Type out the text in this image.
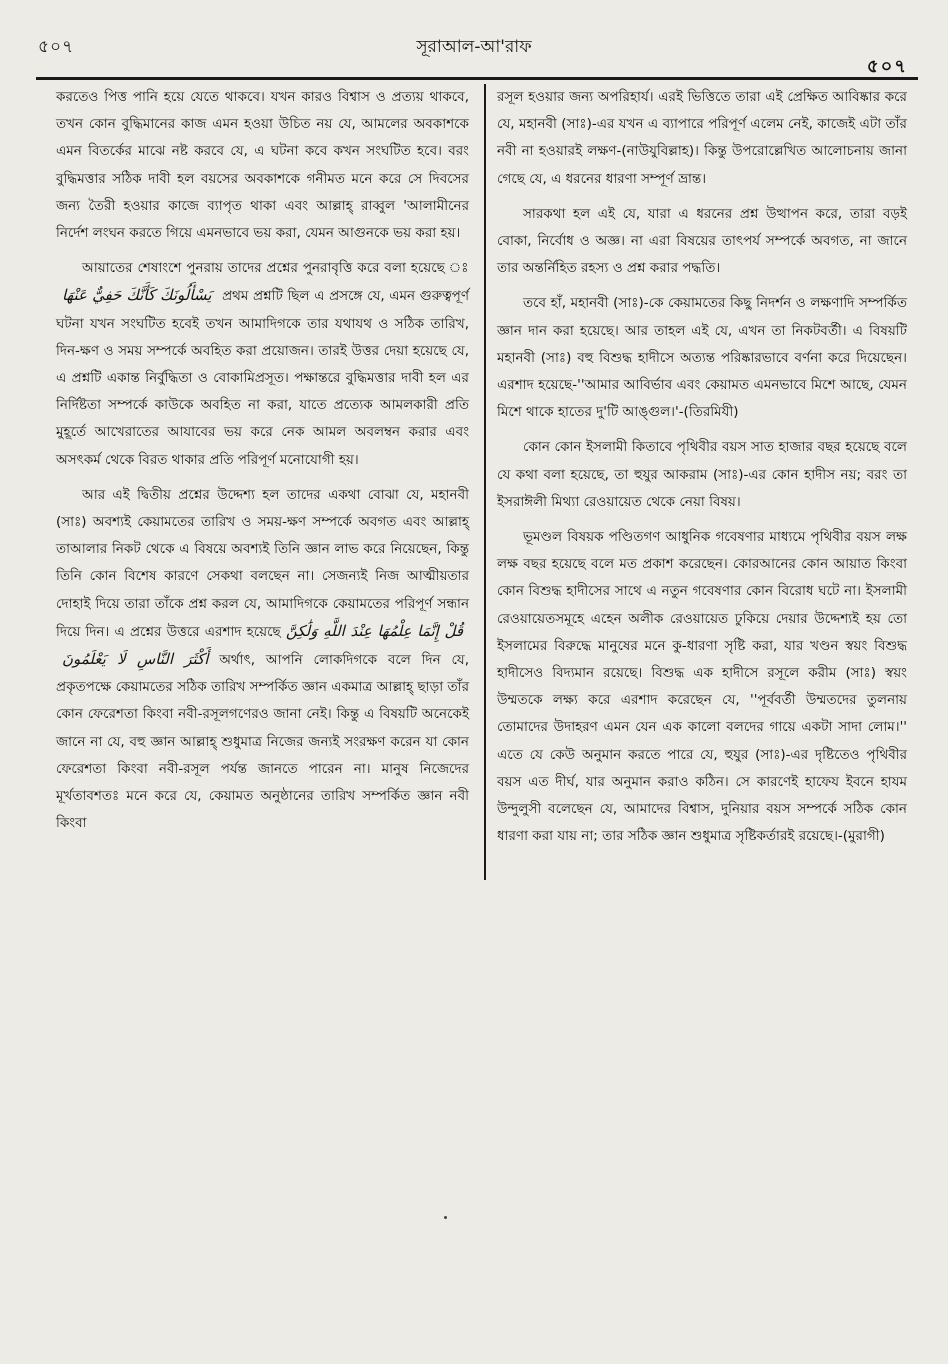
৫০৭	সূরাআল-আ'রাফ
৫০৭

করতেও পিত্ত পানি হয়ে যেতে থাকবে। যখন কারও বিশ্বাস ও প্রত্যয় থাকবে, তখন কোন বুদ্ধিমানের কাজ এমন হওয়া উচিত নয় যে, আমলের অবকাশকে এমন বিতর্কের মাঝে নষ্ট করবে যে, এ ঘটনা কবে কখন সংঘটিত হবে। বরং বুদ্ধিমত্তার সঠিক দাবী হল বয়সের অবকাশকে গনীমত মনে করে সে দিবসের জন্য তৈরী হওয়ার কাজে ব্যাপৃত থাকা এবং আল্লাহ্ রাব্বুল 'আলামীনের নির্দেশ লংঘন করতে গিয়ে এমনভাবে ভয় করা, যেমন আগুনকে ভয় করা হয়।

আয়াতের শেষাংশে পুনরায় তাদের প্রশ্নের পুনরাবৃত্তি করে বলা হয়েছে ঃ يَسْأَلُونَكَ كَأَنَّكَ حَفِيٌّ عَنْهَا প্রথম প্রশ্নটি ছিল এ প্রসঙ্গে যে, এমন গুরুত্বপূর্ণ ঘটনা যখন সংঘটিত হবেই তখন আমাদিগকে তার যথাযথ ও সঠিক তারিখ, দিন-ক্ষণ ও সময় সম্পর্কে অবহিত করা প্রয়োজন। তারই উত্তর দেয়া হয়েছে যে, এ প্রশ্নটি একান্ত নির্বুদ্ধিতা ও বোকামিপ্রসূত। পক্ষান্তরে বুদ্ধিমত্তার দাবী হল এর নির্দিষ্টতা সম্পর্কে কাউকে অবহিত না করা, যাতে প্রত্যেক আমলকারী প্রতি মুহূর্তে আখেরাতের আযাবের ভয় করে নেক আমল অবলম্বন করার এবং অসৎকর্ম থেকে বিরত থাকার প্রতি পরিপূর্ণ মনোযোগী হয়।

আর এই দ্বিতীয় প্রশ্নের উদ্দেশ্য হল তাদের একথা বোঝা যে, মহানবী (সাঃ) অবশ্যই কেয়ামতের তারিখ ও সময়-ক্ষণ সম্পর্কে অবগত এবং আল্লাহ্ তাআলার নিকট থেকে এ বিষয়ে অবশ্যই তিনি জ্ঞান লাভ করে নিয়েছেন, কিন্তু তিনি কোন বিশেষ কারণে সেকথা বলছেন না। সেজন্যই নিজ আত্মীয়তার দোহাই দিয়ে তারা তাঁকে প্রশ্ন করল যে, আমাদিগকে কেয়ামতের পরিপূর্ণ সন্ধান দিয়ে দিন। এ প্রশ্নের উত্তরে এরশাদ হয়েছে قُلْ إِنَّمَا عِلْمُهَا عِنْدَ اللَّهِ وَلَٰكِنَّ أَكْثَرَ النَّاسِ لَا يَعْلَمُونَ অর্থাৎ, আপনি লোকদিগকে বলে দিন যে, প্রকৃতপক্ষে কেয়ামতের সঠিক তারিখ সম্পর্কিত জ্ঞান একমাত্র আল্লাহ্ ছাড়া তাঁর কোন ফেরেশতা কিংবা নবী-রসূলগণেরও জানা নেই। কিন্তু এ বিষয়টি অনেকেই জানে না যে, বহু জ্ঞান আল্লাহ্ শুধুমাত্র নিজের জন্যই সংরক্ষণ করেন যা কোন ফেরেশতা কিংবা নবী-রসূল পর্যন্ত জানতে পারেন না। মানুষ নিজেদের মূর্খতাবশতঃ মনে করে যে, কেয়ামত অনুষ্ঠানের তারিখ সম্পর্কিত জ্ঞান নবী কিংবা

রসূল হওয়ার জন্য অপরিহার্য। এরই ভিত্তিতে তারা এই প্রেক্ষিত আবিষ্কার করে যে, মহানবী (সাঃ)-এর যখন এ ব্যাপারে পরিপূর্ণ এলেম নেই, কাজেই এটা তাঁর নবী না হওয়ারই লক্ষণ-(নাউযুবিল্লাহ)। কিন্তু উপরোল্লেখিত আলোচনায় জানা গেছে যে, এ ধরনের ধারণা সম্পূর্ণ ভ্রান্ত।

সারকথা হল এই যে, যারা এ ধরনের প্রশ্ন উত্থাপন করে, তারা বড়ই বোকা, নির্বোধ ও অজ্ঞ। না এরা বিষয়ের তাৎপর্য সম্পর্কে অবগত, না জানে তার অন্তর্নিহিত রহস্য ও প্রশ্ন করার পদ্ধতি।

তবে হাঁ, মহানবী (সাঃ)-কে কেয়ামতের কিছু নিদর্শন ও লক্ষণাদি সম্পর্কিত জ্ঞান দান করা হয়েছে। আর তাহল এই যে, এখন তা নিকটবর্তী। এ বিষয়টি মহানবী (সাঃ) বহু বিশুদ্ধ হাদীসে অত্যন্ত পরিষ্কারভাবে বর্ণনা করে দিয়েছেন। এরশাদ হয়েছে-''আমার আবির্ভাব এবং কেয়ামত এমনভাবে মিশে আছে, যেমন মিশে থাকে হাতের দু'টি আঙ্গুল।'-(তিরমিযী)

কোন কোন ইসলামী কিতাবে পৃথিবীর বয়স সাত হাজার বছর হয়েছে বলে যে কথা বলা হয়েছে, তা হুযুর আকরাম (সাঃ)-এর কোন হাদীস নয়; বরং তা ইসরাঈলী মিথ্যা রেওয়ায়েত থেকে নেয়া বিষয়।

ভূমণ্ডল বিষয়ক পণ্ডিতগণ আধুনিক গবেষণার মাধ্যমে পৃথিবীর বয়স লক্ষ লক্ষ বছর হয়েছে বলে মত প্রকাশ করেছেন। কোরআনের কোন আয়াত কিংবা কোন বিশুদ্ধ হাদীসের সাথে এ নতুন গবেষণার কোন বিরোধ ঘটে না। ইসলামী রেওয়ায়েতসমূহে এহেন অলীক রেওয়ায়েত ঢুকিয়ে দেয়ার উদ্দেশ্যই হয় তো ইসলামের বিরুদ্ধে মানুষের মনে কু-ধারণা সৃষ্টি করা, যার খণ্ডন স্বয়ং বিশুদ্ধ হাদীসেও বিদ্যমান রয়েছে। বিশুদ্ধ এক হাদীসে রসূলে করীম (সাঃ) স্বয়ং উম্মতকে লক্ষ্য করে এরশাদ করেছেন যে, ''পূর্ববর্তী উম্মতদের তুলনায় তোমাদের উদাহরণ এমন যেন এক কালো বলদের গায়ে একটা সাদা লোম।'' এতে যে কেউ অনুমান করতে পারে যে, হুযুর (সাঃ)-এর দৃষ্টিতেও পৃথিবীর বয়স এত দীর্ঘ, যার অনুমান করাও কঠিন। সে কারণেই হাফেয ইবনে হাযম উন্দুলুসী বলেছেন যে, আমাদের বিশ্বাস, দুনিয়ার বয়স সম্পর্কে সঠিক কোন ধারণা করা যায় না; তার সঠিক জ্ঞান শুধুমাত্র সৃষ্টিকর্তারই রয়েছে।-(মুরাগী)
